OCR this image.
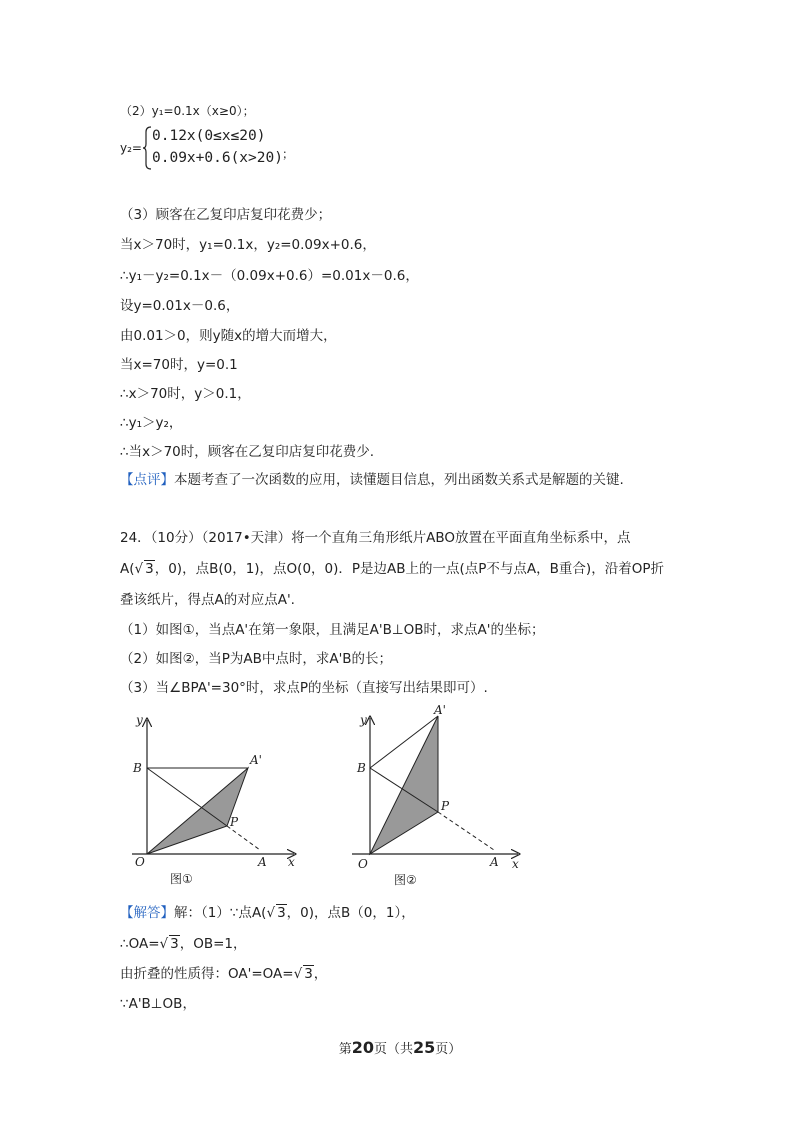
（2）y₁=0.1x（x≥0）；
y₂=
0.12x(0≤x≤20)
0.09x+0.6(x>20) ；
（3）顾客在乙复印店复印花费少；
当x＞70时，y₁=0.1x，y₂=0.09x+0.6，
∴y₁－y₂=0.1x－（0.09x+0.6）=0.01x－0.6，
设y=0.01x－0.6，
由0.01＞0，则y随x的增大而增大，
当x=70时，y=0.1
∴x＞70时，y＞0.1，
∴y₁＞y₂，
∴当x＞70时，顾客在乙复印店复印花费少.
【点评】本题考查了一次函数的应用，读懂题目信息，列出函数关系式是解题的关键.
24．（10分）（2017•天津）将一个直角三角形纸片ABO放置在平面直角坐标系中，点
A(√ 3，0)，点B(0，1)，点O(0，0)．P是边AB上的一点(点P不与点A，B重合)，沿着OP折
叠该纸片，得点A的对应点A'.
（1）如图①，当点A'在第一象限，且满足A'B⊥OB时，求点A'的坐标；
（2）如图②，当P为AB中点时，求A'B的长；
（3）当∠BPA'=30°时，求点P的坐标（直接写出结果即可）.
y
x
B
A'
P
O	A
图①
y
x
B
A'
P
O	A
图②
【解答】解：（1）∵点A(√ 3，0)，点B（0，1），
∴OA=√ 3，OB=1，
由折叠的性质得：OA'=OA=√ 3，
∵A'B⊥OB，
第20页（共25页）
